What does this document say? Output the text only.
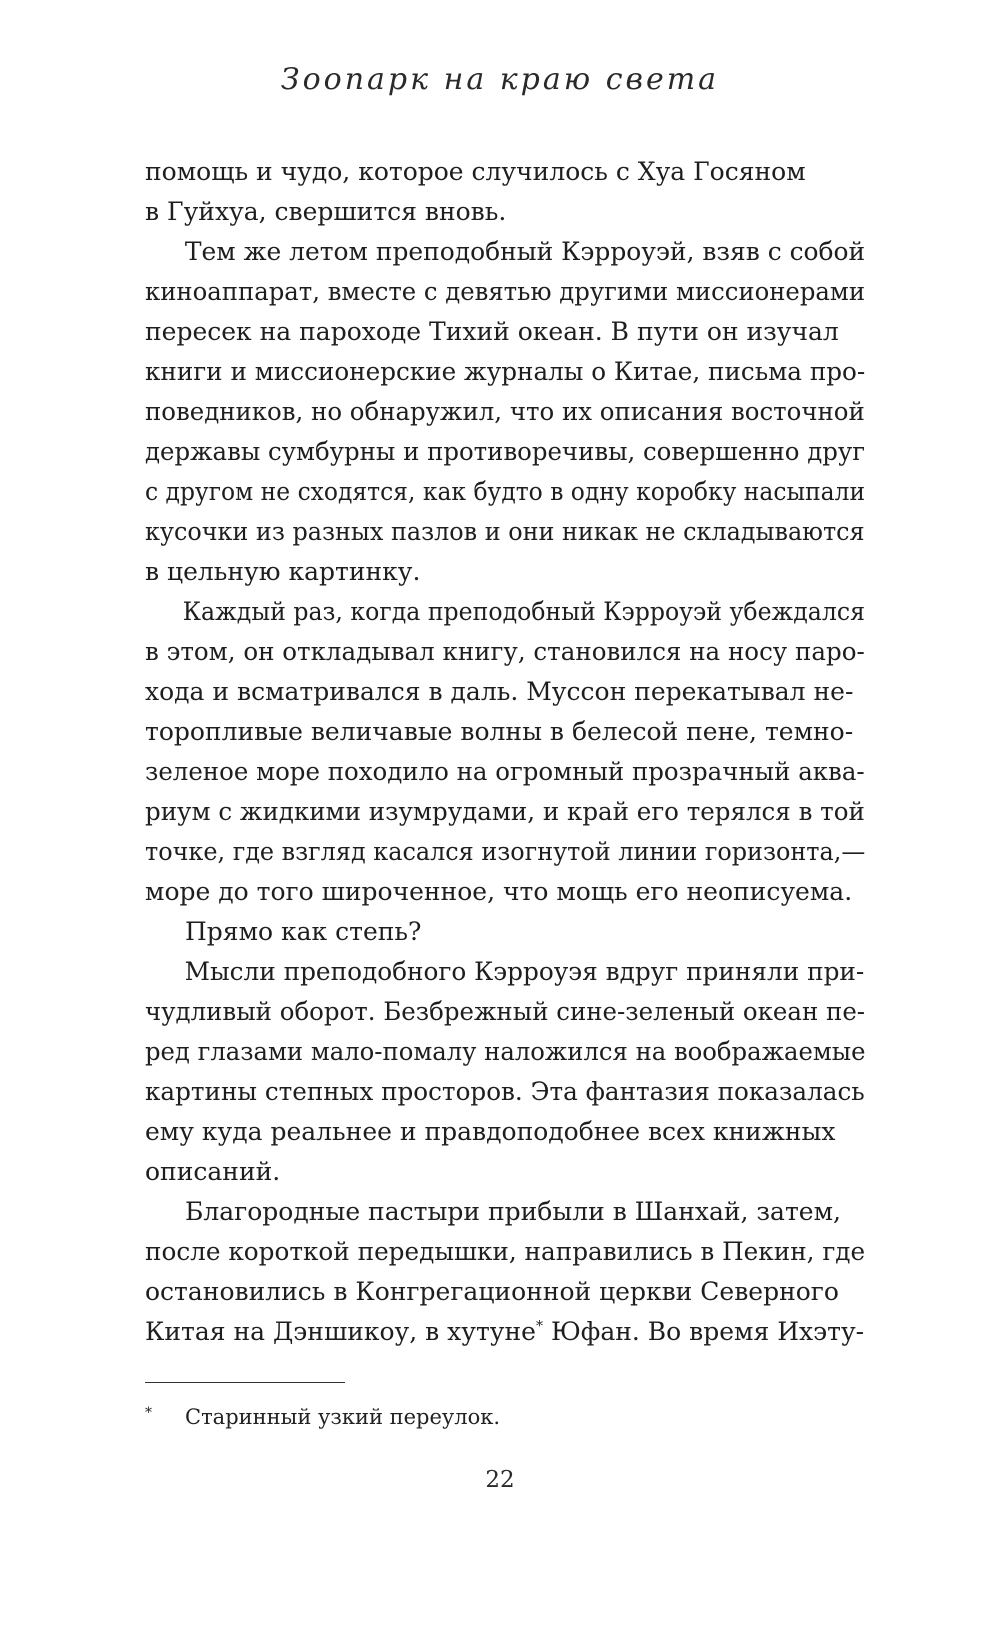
Зоопарк на краю света
помощь и чудо, которое случилось с Хуа Госяном
в Гуйхуа, свершится вновь.
Тем же летом преподобный Кэрроуэй, взяв с собой
киноаппарат, вместе с девятью другими миссионерами
пересек на пароходе Тихий океан. В пути он изучал
книги и миссионерские журналы о Китае, письма про-
поведников, но обнаружил, что их описания восточной
державы сумбурны и противоречивы, совершенно друг
с другом не сходятся, как будто в одну коробку насыпали
кусочки из разных пазлов и они никак не складываются
в цельную картинку.
Каждый раз, когда преподобный Кэрроуэй убеждался
в этом, он откладывал книгу, становился на носу паро-
хода и всматривался в даль. Муссон перекатывал не-
торопливые величавые волны в белесой пене, темно-
зеленое море походило на огромный прозрачный аква-
риум с жидкими изумрудами, и край его терялся в той
точке, где взгляд касался изогнутой линии горизонта,—
море до того широченное, что мощь его неописуема.
Прямо как степь?
Мысли преподобного Кэрроуэя вдруг приняли при-
чудливый оборот. Безбрежный сине-зеленый океан пе-
ред глазами мало-помалу наложился на воображаемые
картины степных просторов. Эта фантазия показалась
ему куда реальнее и правдоподобнее всех книжных
описаний.
Благородные пастыри прибыли в Шанхай, затем,
после короткой передышки, направились в Пекин, где
остановились в Конгрегационной церкви Северного
Китая на Дэншикоу, в хутуне* Юфан. Во время Ихэту-
* Старинный узкий переулок.
22
